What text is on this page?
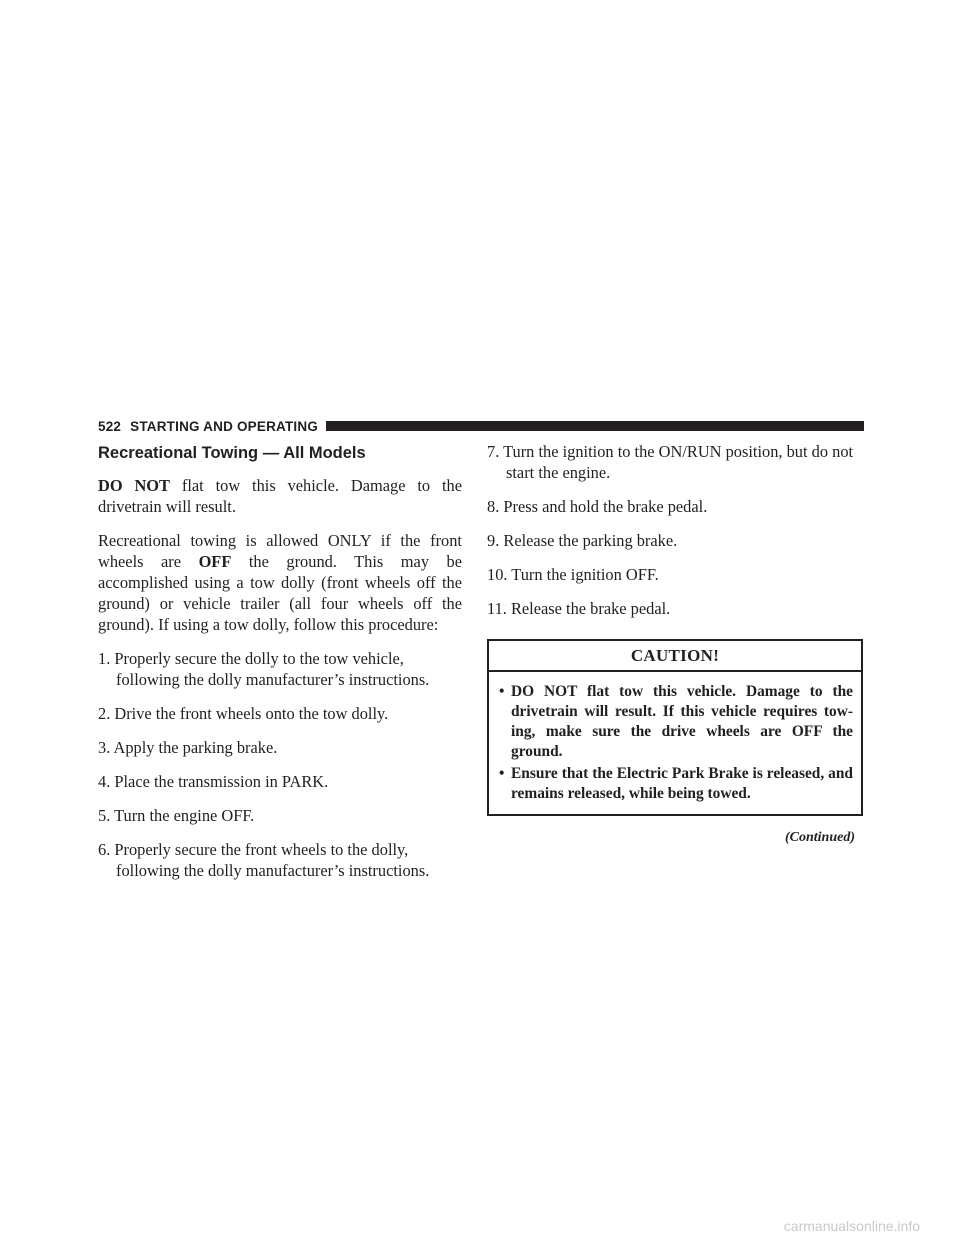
522 STARTING AND OPERATING
Recreational Towing — All Models

DO NOT flat tow this vehicle. Damage to the drivetrain will result.

Recreational towing is allowed ONLY if the front wheels are OFF the ground. This may be accomplished using a tow dolly (front wheels off the ground) or vehicle trailer (all four wheels off the ground). If using a tow dolly, follow this procedure:

1. Properly secure the dolly to the tow vehicle, following the dolly manufacturer’s instructions.
2. Drive the front wheels onto the tow dolly.
3. Apply the parking brake.
4. Place the transmission in PARK.
5. Turn the engine OFF.
6. Properly secure the front wheels to the dolly, following the dolly manufacturer’s instructions.
7. Turn the ignition to the ON/RUN position, but do not start the engine.
8. Press and hold the brake pedal.
9. Release the parking brake.
10. Turn the ignition OFF.
11. Release the brake pedal.
CAUTION!
• DO NOT flat tow this vehicle. Damage to the drivetrain will result. If this vehicle requires tow-ing, make sure the drive wheels are OFF the ground.
• Ensure that the Electric Park Brake is released, and remains released, while being towed.
(Continued)
carmanualsonline.info
